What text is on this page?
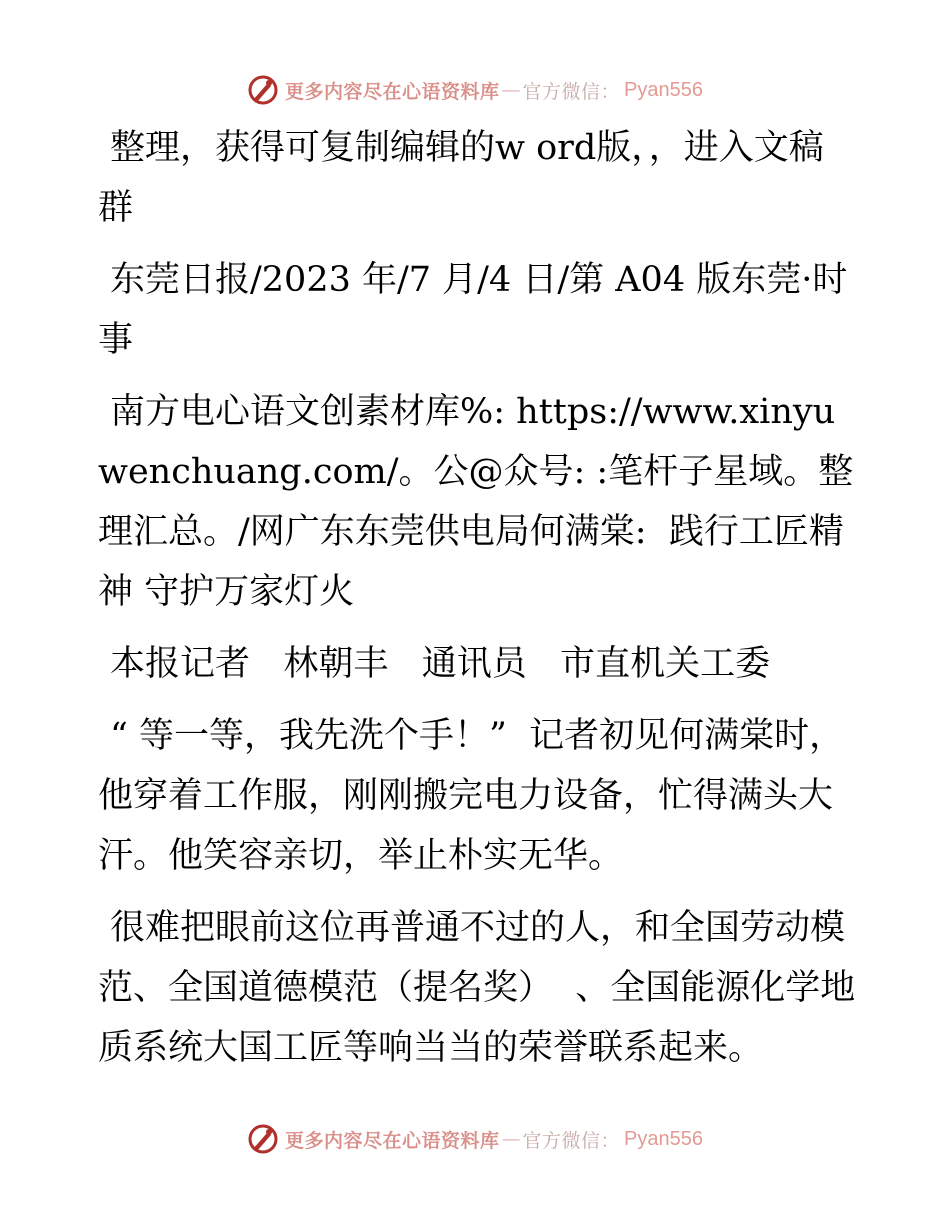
更多内容尽在心语资料库 — 官方微信： Pyan556

整理，获得可复制编辑的w ord版，，进入文稿群

东莞日报/2023 年/7 月/4 日/第 A04 版东莞·时事

南方电心语文创素材库%: https://www.xinyuwenchuang.com/。公@众号: :笔杆子星域。整理汇总。/网广东东莞供电局何满棠:  践行工匠精神 守护万家灯火

本报记者   林朝丰   通讯员   市直机关工委

“ 等一等，我先洗个手！”  记者初见何满棠时，他穿着工作服，刚刚搬完电力设备，忙得满头大汗。他笑容亲切，举止朴实无华。

很难把眼前这位再普通不过的人，和全国劳动模范、全国道德模范（提名奖）  、全国能源化学地质系统大国工匠等响当当的荣誉联系起来。

更多内容尽在心语资料库 — 官方微信： Pyan556
